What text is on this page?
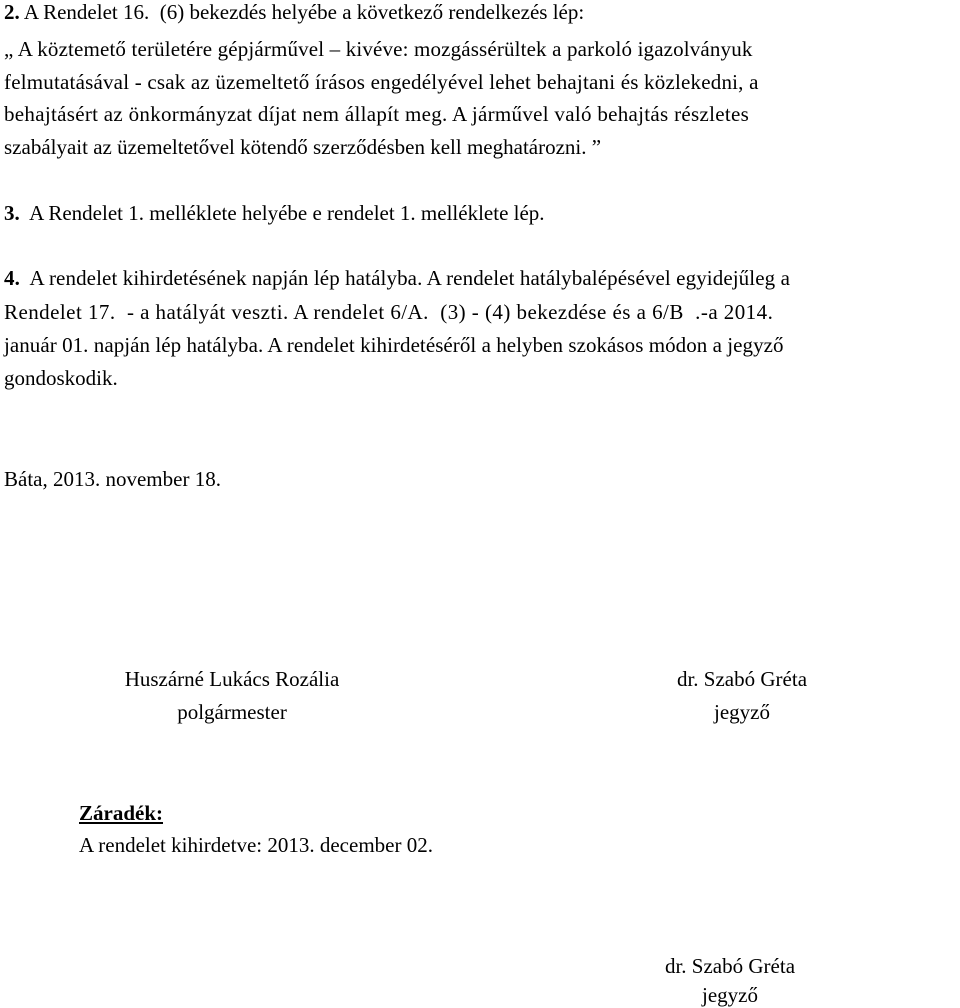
2. A Rendelet 16.  (6) bekezdés helyébe a következő rendelkezés lép:
„ A köztemető területére gépjárművel – kivéve: mozgássérültek a parkoló igazolványuk
felmutatásával - csak az üzemeltető írásos engedélyével lehet behajtani és közlekedni, a
behajtásért az önkormányzat díjat nem állapít meg. A járművel való behajtás részletes
szabályait az üzemeltetővel kötendő szerződésben kell meghatározni. ”
3.  A Rendelet 1. melléklete helyébe e rendelet 1. melléklete lép.
4.  A rendelet kihirdetésének napján lép hatályba. A rendelet hatálybalépésével egyidejűleg a
Rendelet 17.  - a hatályát veszti. A rendelet 6/A.  (3) - (4) bekezdése és a 6/B  .-a 2014.
január 01. napján lép hatályba. A rendelet kihirdetéséről a helyben szokásos módon a jegyző
gondoskodik.
Báta, 2013. november 18.
Huszárné Lukács Rozália
polgármester
dr. Szabó Gréta
jegyző
Záradék:
A rendelet kihirdetve: 2013. december 02.
dr. Szabó Gréta
jegyző
